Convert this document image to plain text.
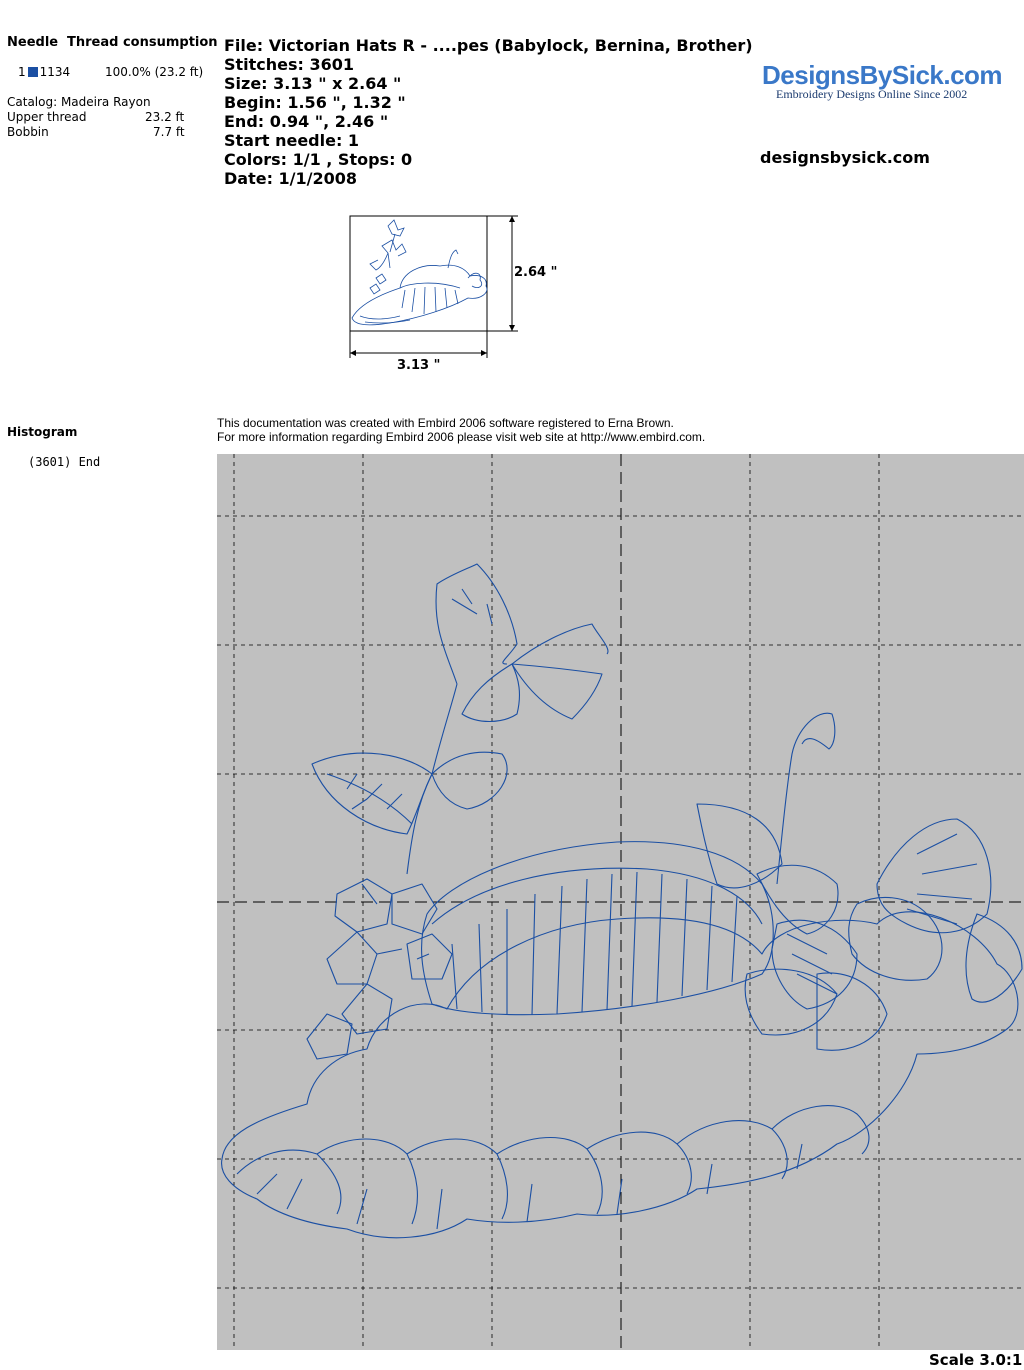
Needle Thread consumption
1 1134	100.0% (23.2 ft)
Catalog: Madeira Rayon
Upper thread	23.2 ft
Bobbin	7.7 ft
File: Victorian Hats R - ....pes (Babylock, Bernina, Brother)
Stitches: 3601
Size: 3.13 " x 2.64 "
Begin: 1.56 ", 1.32 "
End: 0.94 ", 2.46 "
Start needle: 1
Colors: 1/1 , Stops: 0
Date: 1/1/2008
DesignsBySick.com
Embroidery Designs Online Since 2002
designsbysick.com
2.64 "
3.13 "
Histogram
(3601) End
This documentation was created with Embird 2006 software registered to Erna Brown.
For more information regarding Embird 2006 please visit web site at http://www.embird.com.
Scale 3.0:1
